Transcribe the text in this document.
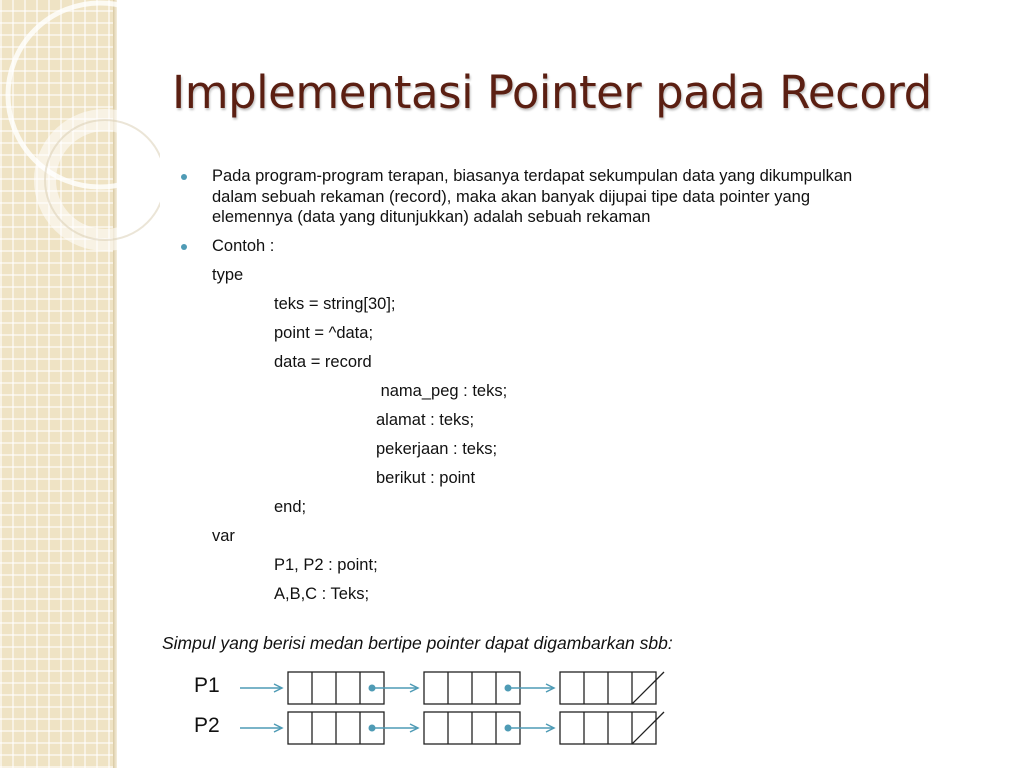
Implementasi Pointer pada Record
Pada program-program terapan, biasanya terdapat sekumpulan data yang dikumpulkan
dalam sebuah rekaman (record), maka akan banyak dijupai tipe data pointer yang
elemennya (data yang ditunjukkan) adalah sebuah rekaman
Contoh :
type
teks = string[30];
point = ^data;
data = record
nama_peg : teks;
alamat : teks;
pekerjaan : teks;
berikut : point
end;
var
P1, P2 : point;
A,B,C : Teks;
Simpul yang berisi medan bertipe pointer dapat digambarkan sbb:
P1
P2
